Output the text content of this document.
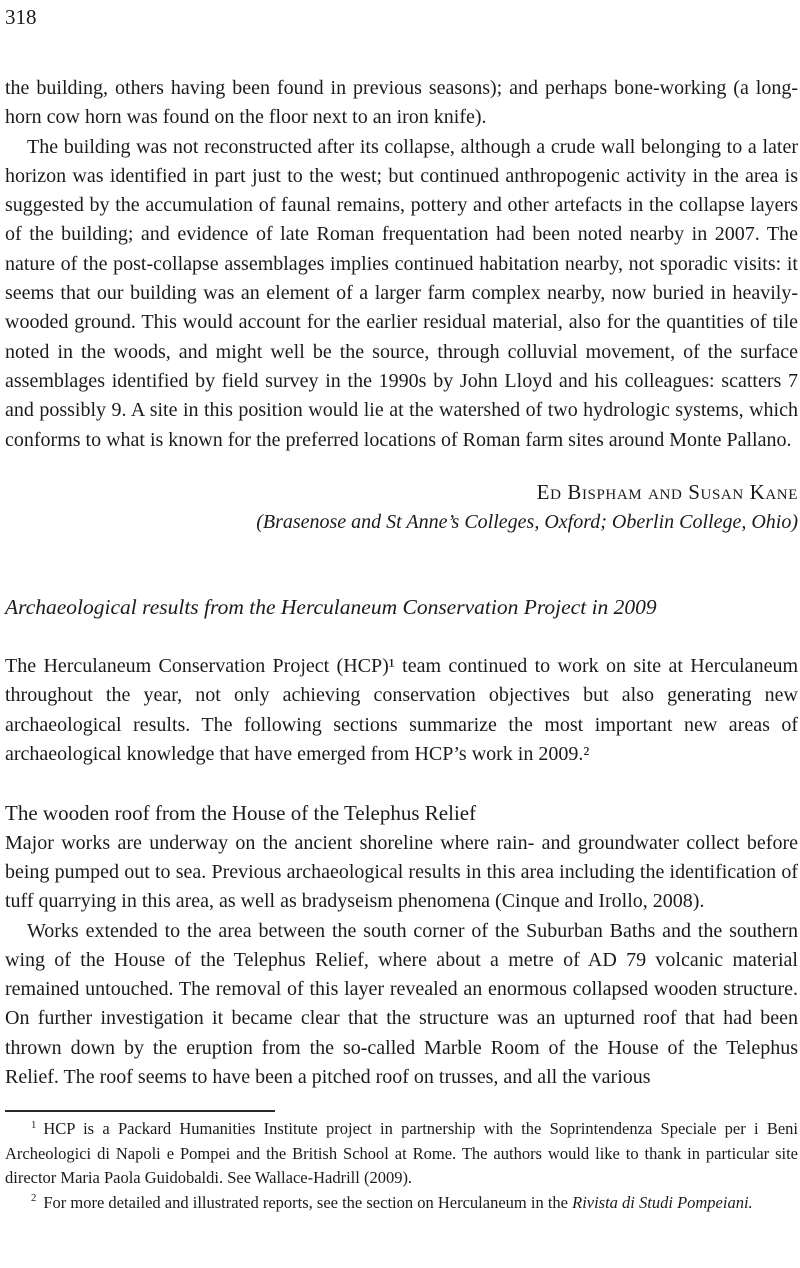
318

the building, others having been found in previous seasons); and perhaps bone-working (a long-horn cow horn was found on the floor next to an iron knife).

The building was not reconstructed after its collapse, although a crude wall belonging to a later horizon was identified in part just to the west; but continued anthropogenic activity in the area is suggested by the accumulation of faunal remains, pottery and other artefacts in the collapse layers of the building; and evidence of late Roman frequentation had been noted nearby in 2007. The nature of the post-collapse assemblages implies continued habitation nearby, not sporadic visits: it seems that our building was an element of a larger farm complex nearby, now buried in heavily-wooded ground. This would account for the earlier residual material, also for the quantities of tile noted in the woods, and might well be the source, through colluvial movement, of the surface assemblages identified by field survey in the 1990s by John Lloyd and his colleagues: scatters 7 and possibly 9. A site in this position would lie at the watershed of two hydrologic systems, which conforms to what is known for the preferred locations of Roman farm sites around Monte Pallano.

Ed Bispham and Susan Kane
(Brasenose and St Anne’s Colleges, Oxford; Oberlin College, Ohio)
Archaeological results from the Herculaneum Conservation Project in 2009

The Herculaneum Conservation Project (HCP)¹ team continued to work on site at Herculaneum throughout the year, not only achieving conservation objectives but also generating new archaeological results. The following sections summarize the most important new areas of archaeological knowledge that have emerged from HCP’s work in 2009.²

The wooden roof from the House of the Telephus Relief

Major works are underway on the ancient shoreline where rain- and groundwater collect before being pumped out to sea. Previous archaeological results in this area including the identification of tuff quarrying in this area, as well as bradyseism phenomena (Cinque and Irollo, 2008).

Works extended to the area between the south corner of the Suburban Baths and the southern wing of the House of the Telephus Relief, where about a metre of AD 79 volcanic material remained untouched. The removal of this layer revealed an enormous collapsed wooden structure. On further investigation it became clear that the structure was an upturned roof that had been thrown down by the eruption from the so-called Marble Room of the House of the Telephus Relief. The roof seems to have been a pitched roof on trusses, and all the various

$^1$ HCP is a Packard Humanities Institute project in partnership with the Soprintendenza Speciale per i Beni Archeologici di Napoli e Pompei and the British School at Rome. The authors would like to thank in particular site director Maria Paola Guidobaldi. See Wallace-Hadrill (2009).

$^2$ For more detailed and illustrated reports, see the section on Herculaneum in the Rivista di Studi Pompeiani.
